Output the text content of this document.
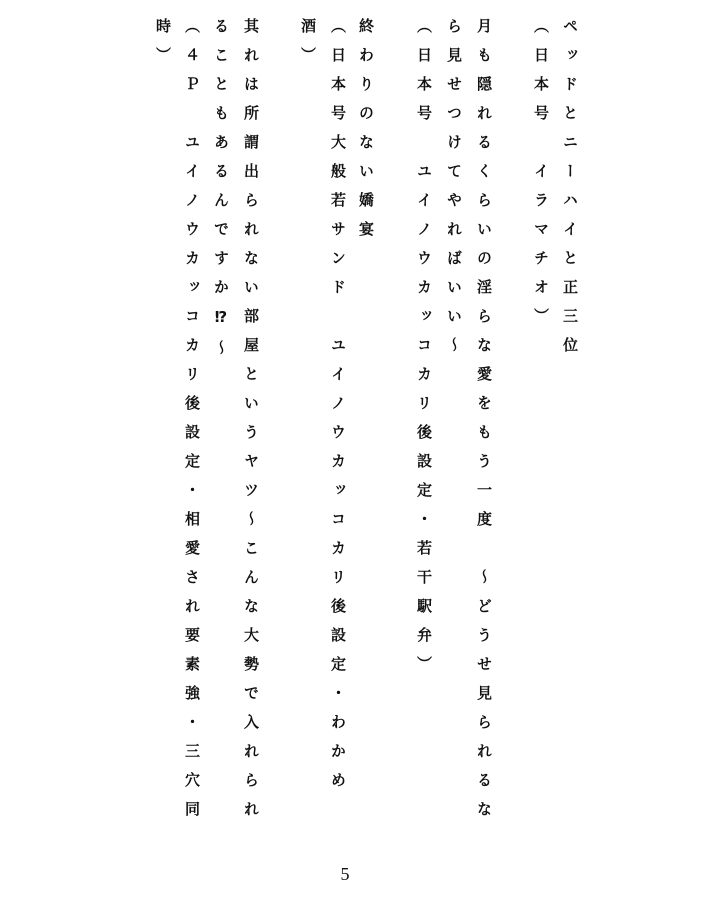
ペッドとニーハイと正三位
（日本号　イラマチオ）
月も隠れるくらいの淫らな愛をもう一度　〜どうせ見られるな
ら見せつけてやればいい〜
（日本号　ユイノウカッコカリ後設定・若干駅弁）
終わりのない嬌宴
（日本号大般若サンド　ユイノウカッコカリ後設定・わかめ
酒）
其れは所謂出られない部屋というヤツ〜こんな大勢で入れられ
ることもあるんですか⁉〜
（４Ｐ　ユイノウカッコカリ後設定・相愛され要素強・三穴同
時）
5
